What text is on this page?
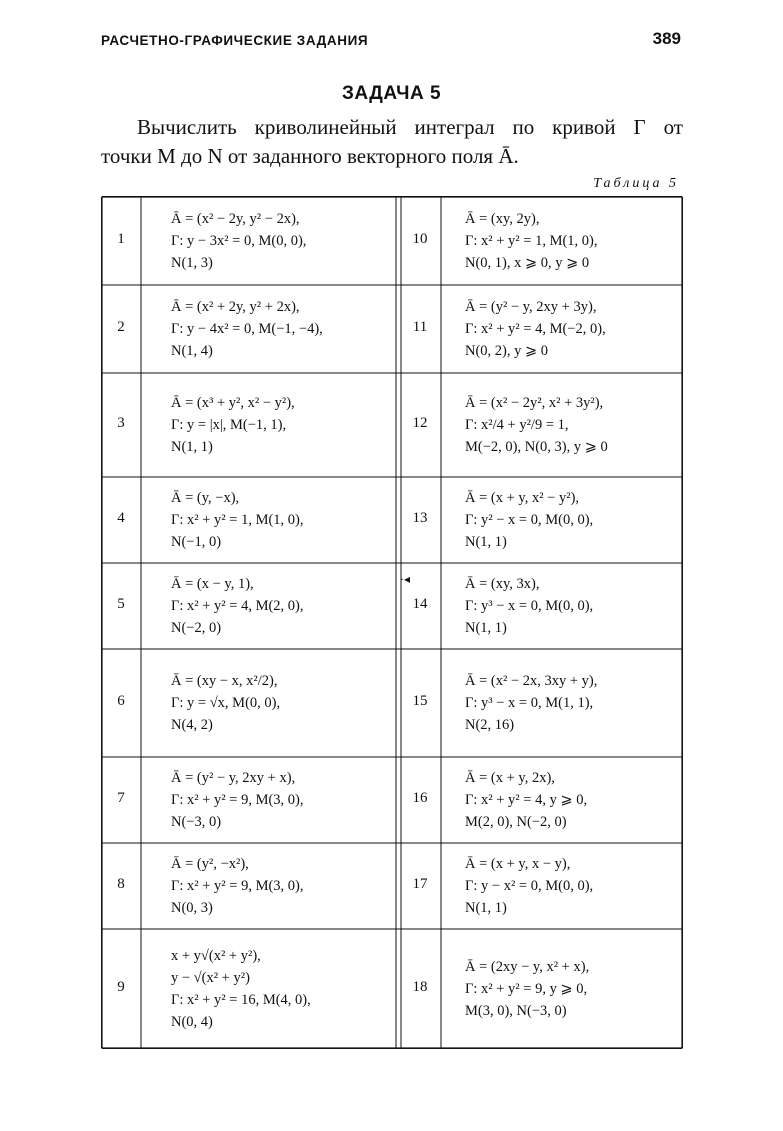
РАСЧЕТНО-ГРАФИЧЕСКИЕ ЗАДАНИЯ	389
ЗАДАЧА 5
Вычислить криволинейный интеграл по кривой Γ от
точки M до N от заданного векторного поля Ā.
Таблица 5
1
Ā = (x² − 2y, y² − 2x),
Γ: y − 3x² = 0, M(0, 0),
N(1, 3)
10
Ā = (xy, 2y),
Γ: x² + y² = 1, M(1, 0),
N(0, 1), x ⩾ 0, y ⩾ 0
2
Ā = (x² + 2y, y² + 2x),
Γ: y − 4x² = 0, M(−1, −4),
N(1, 4)
11
Ā = (y² − y, 2xy + 3y),
Γ: x² + y² = 4, M(−2, 0),
N(0, 2), y ⩾ 0
3
Ā = (x³ + y², x² − y²),
Γ: y = |x|, M(−1, 1),
N(1, 1)
12
Ā = (x² − 2y², x² + 3y²),
Γ: x²/4 + y²/9 = 1,
M(−2, 0), N(0, 3), y ⩾ 0
4
Ā = (y, −x),
Γ: x² + y² = 1, M(1, 0),
N(−1, 0)
13
Ā = (x + y, x² − y²),
Γ: y² − x = 0, M(0, 0),
N(1, 1)
5
Ā = (x − y, 1),
Γ: x² + y² = 4, M(2, 0),
N(−2, 0)
14
Ā = (xy, 3x),
Γ: y³ − x = 0, M(0, 0),
N(1, 1)
6
Ā = (xy − x, x²/2),
Γ: y = √x, M(0, 0),
N(4, 2)
15
Ā = (x² − 2x, 3xy + y),
Γ: y³ − x = 0, M(1, 1),
N(2, 16)
7
Ā = (y² − y, 2xy + x),
Γ: x² + y² = 9, M(3, 0),
N(−3, 0)
16
Ā = (x + y, 2x),
Γ: x² + y² = 4, y ⩾ 0,
M(2, 0), N(−2, 0)
8
Ā = (y², −x²),
Γ: x² + y² = 9, M(3, 0),
N(0, 3)
17
Ā = (x + y, x − y),
Γ: y − x² = 0, M(0, 0),
N(1, 1)
9
x + y√(x² + y²),
y − √(x² + y²)
Γ: x² + y² = 16, M(4, 0),
N(0, 4)
18
Ā = (2xy − y, x² + x),
Γ: x² + y² = 9, y ⩾ 0,
M(3, 0), N(−3, 0)
·◂
